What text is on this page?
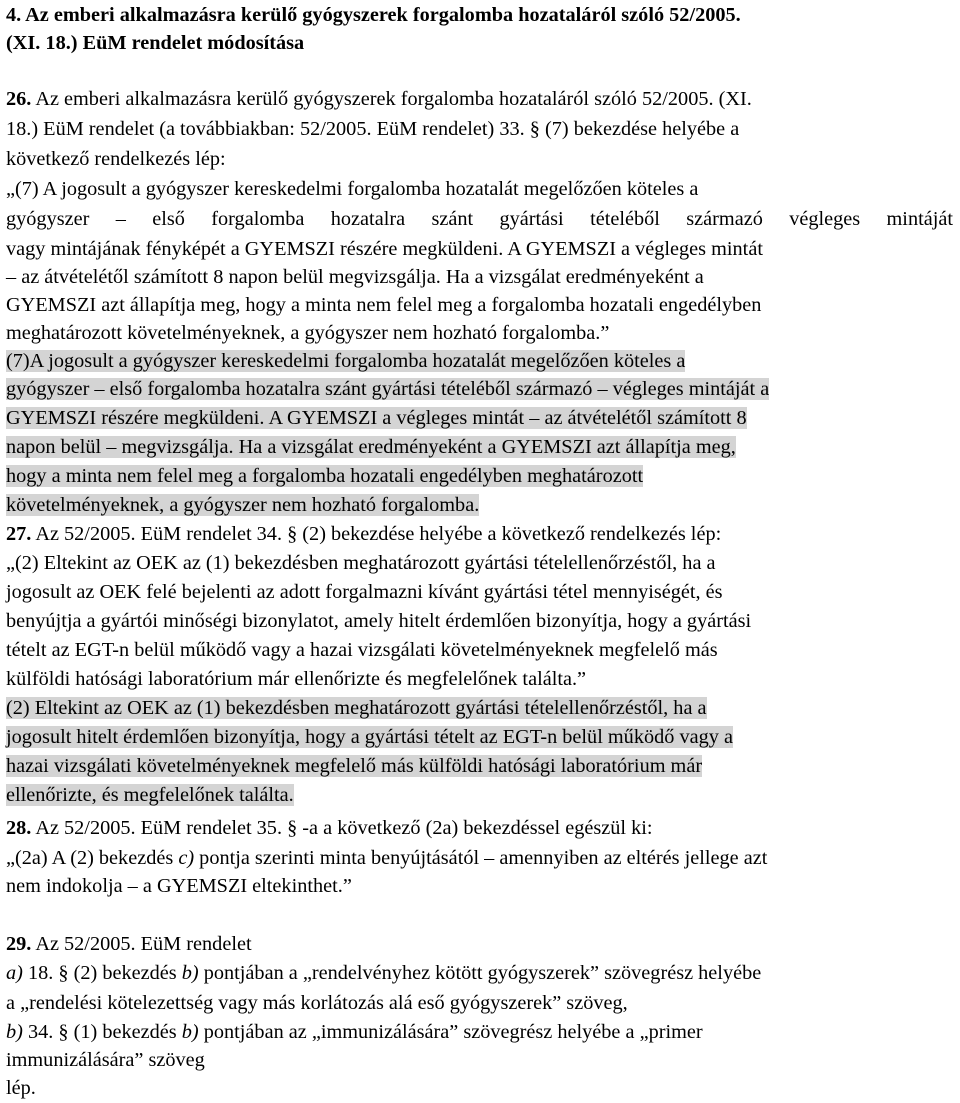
4. Az emberi alkalmazásra kerülő gyógyszerek forgalomba hozataláról szóló 52/2005.
(XI. 18.) EüM rendelet módosítása
26. Az emberi alkalmazásra kerülő gyógyszerek forgalomba hozataláról szóló 52/2005. (XI.
18.) EüM rendelet (a továbbiakban: 52/2005. EüM rendelet) 33. § (7) bekezdése helyébe a
következő rendelkezés lép:
„(7) A jogosult a gyógyszer kereskedelmi forgalomba hozatalát megelőzően köteles a
gyógyszer – első forgalomba hozatalra szánt gyártási tételéből származó végleges mintáját
vagy mintájának fényképét a GYEMSZI részére megküldeni. A GYEMSZI a végleges mintát
– az átvételétől számított 8 napon belül megvizsgálja. Ha a vizsgálat eredményeként a
GYEMSZI azt állapítja meg, hogy a minta nem felel meg a forgalomba hozatali engedélyben
meghatározott követelményeknek, a gyógyszer nem hozható forgalomba.”
(7)A jogosult a gyógyszer kereskedelmi forgalomba hozatalát megelőzően köteles a
gyógyszer – első forgalomba hozatalra szánt gyártási tételéből származó – végleges mintáját a
GYEMSZI részére megküldeni. A GYEMSZI a végleges mintát – az átvételétől számított 8
napon belül – megvizsgálja. Ha a vizsgálat eredményeként a GYEMSZI azt állapítja meg,
hogy a minta nem felel meg a forgalomba hozatali engedélyben meghatározott
követelményeknek, a gyógyszer nem hozható forgalomba.
27. Az 52/2005. EüM rendelet 34. § (2) bekezdése helyébe a következő rendelkezés lép:
„(2) Eltekint az OEK az (1) bekezdésben meghatározott gyártási tételellenőrzéstől, ha a
jogosult az OEK felé bejelenti az adott forgalmazni kívánt gyártási tétel mennyiségét, és
benyújtja a gyártói minőségi bizonylatot, amely hitelt érdemlően bizonyítja, hogy a gyártási
tételt az EGT-n belül működő vagy a hazai vizsgálati követelményeknek megfelelő más
külföldi hatósági laboratórium már ellenőrizte és megfelelőnek találta.”
(2) Eltekint az OEK az (1) bekezdésben meghatározott gyártási tételellenőrzéstől, ha a
jogosult hitelt érdemlően bizonyítja, hogy a gyártási tételt az EGT-n belül működő vagy a
hazai vizsgálati követelményeknek megfelelő más külföldi hatósági laboratórium már
ellenőrizte, és megfelelőnek találta.
28. Az 52/2005. EüM rendelet 35. § -a a következő (2a) bekezdéssel egészül ki:
„(2a) A (2) bekezdés c) pontja szerinti minta benyújtásától – amennyiben az eltérés jellege azt
nem indokolja – a GYEMSZI eltekinthet.”
29. Az 52/2005. EüM rendelet
a) 18. § (2) bekezdés b) pontjában a „rendelvényhez kötött gyógyszerek” szövegrész helyébe
a „rendelési kötelezettség vagy más korlátozás alá eső gyógyszerek” szöveg,
b) 34. § (1) bekezdés b) pontjában az „immunizálására” szövegrész helyébe a „primer
immunizálására” szöveg
lép.
